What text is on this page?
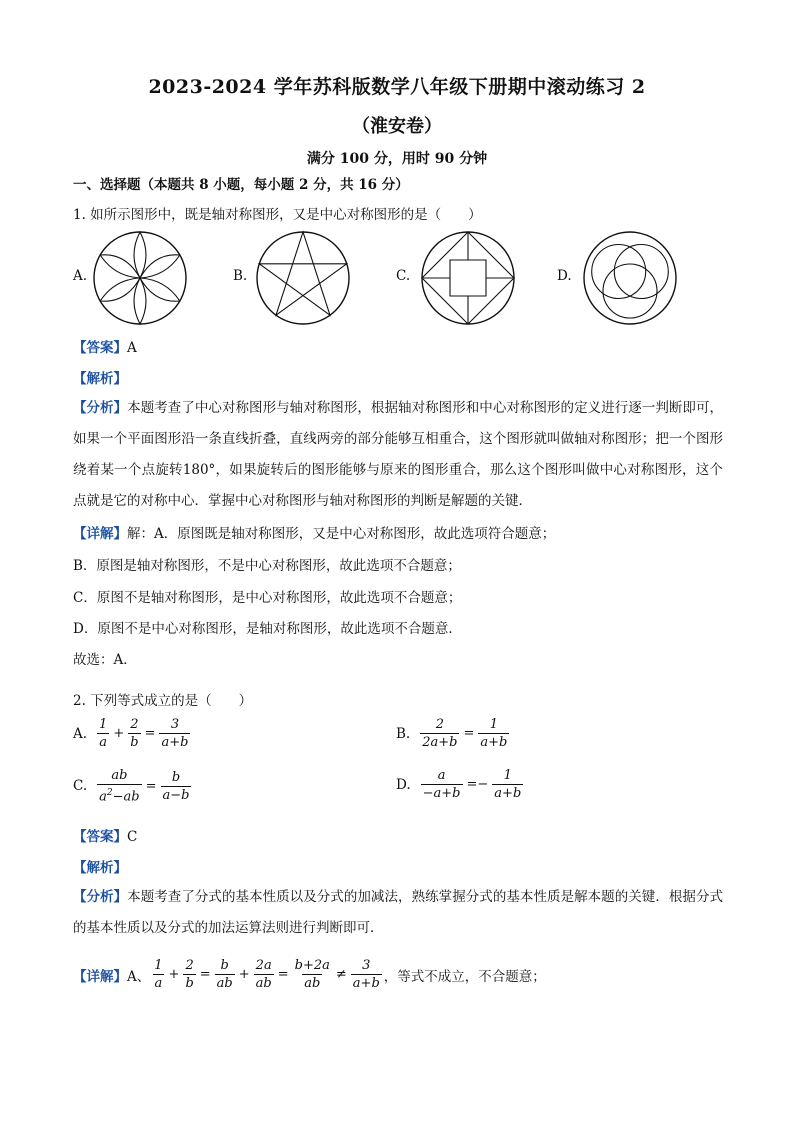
2023-2024 学年苏科版数学八年级下册期中滚动练习 2
（淮安卷）
满分 100 分，用时 90 分钟
一、选择题（本题共 8 小题，每小题 2 分，共 16 分）
1. 如所示图形中，既是轴对称图形，又是中心对称图形的是（　　）
A.	B.	C.	D.
【答案】A
【解析】
【分析】本题考查了中心对称图形与轴对称图形，根据轴对称图形和中心对称图形的定义进行逐一判断即可，如果一个平面图形沿一条直线折叠，直线两旁的部分能够互相重合，这个图形就叫做轴对称图形；把一个图形绕着某一个点旋转180°，如果旋转后的图形能够与原来的图形重合，那么这个图形叫做中心对称图形，这个点就是它的对称中心．掌握中心对称图形与轴对称图形的判断是解题的关键．
【详解】解：A．原图既是轴对称图形，又是中心对称图形，故此选项符合题意；
B．原图是轴对称图形，不是中心对称图形，故此选项不合题意；
C．原图不是轴对称图形，是中心对称图形，故此选项不合题意；
D．原图不是中心对称图形，是轴对称图形，故此选项不合题意．
故选：A．
2. 下列等式成立的是（　　）
A. $\frac{1}{a} + \frac{2}{b} = \frac{3}{a+b}$	B. $\frac{2}{2a+b} = \frac{1}{a+b}$
C. $\frac{ab}{a^2-ab} = \frac{b}{a-b}$	D. $\frac{a}{-a+b} =- \frac{1}{a+b}$
【答案】C
【解析】
【分析】本题考查了分式的基本性质以及分式的加减法，熟练掌握分式的基本性质是解本题的关键．根据分式的基本性质以及分式的加法运算法则进行判断即可．
【详解】 A、 $\frac{1}{a} + \frac{2}{b} = \frac{b}{ab} + \frac{2a}{ab} = \frac{b+2a}{ab} \ne \frac{3}{a+b}$ ，等式不成立，不合题意；
